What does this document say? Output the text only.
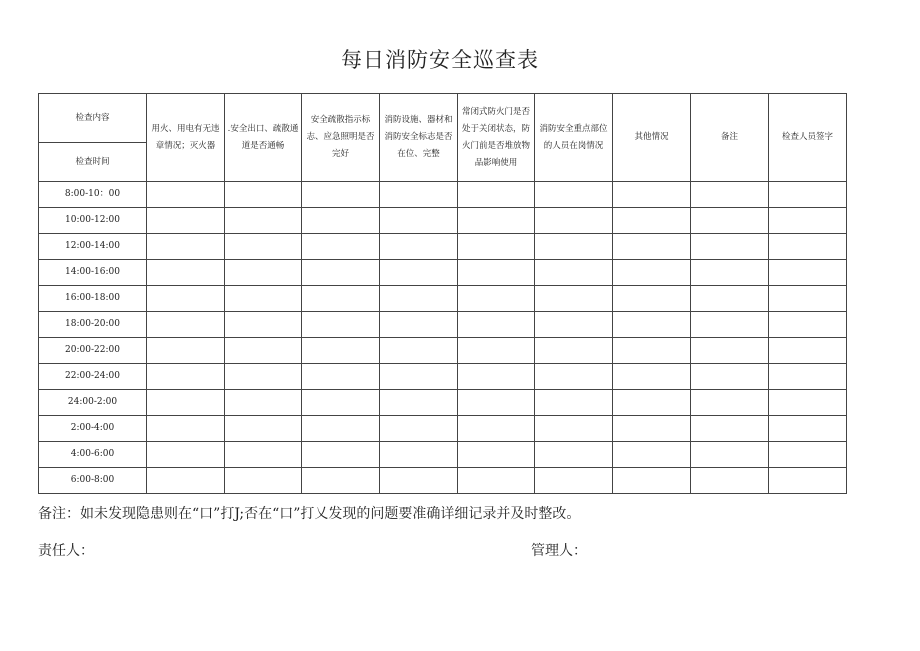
每日消防安全巡查表
检查内容	用火、用电有无违章情况；灭火器	.安全出口、疏散通道是否通畅	安全疏散指示标志、应急照明是否完好	消防设施、器材和消防安全标志是否在位、完整	常闭式防火门是否处于关闭状态，防火门前是否堆放物品影响使用	消防安全重点部位的人员在岗情况	其他情况	备注	检查人员签字
检查时间									
8:00-10：00									
10:00-12:00									
12:00-14:00									
14:00-16:00									
16:00-18:00									
18:00-20:00									
20:00-22:00									
22:00-24:00									
24:00-2:00									
2:00-4:00									
4:00-6:00									
6:00-8:00									
备注：如未发现隐患则在“口”打J;否在“口”打乂发现的问题要准确详细记录并及时整改。
责任人：	管理人：
